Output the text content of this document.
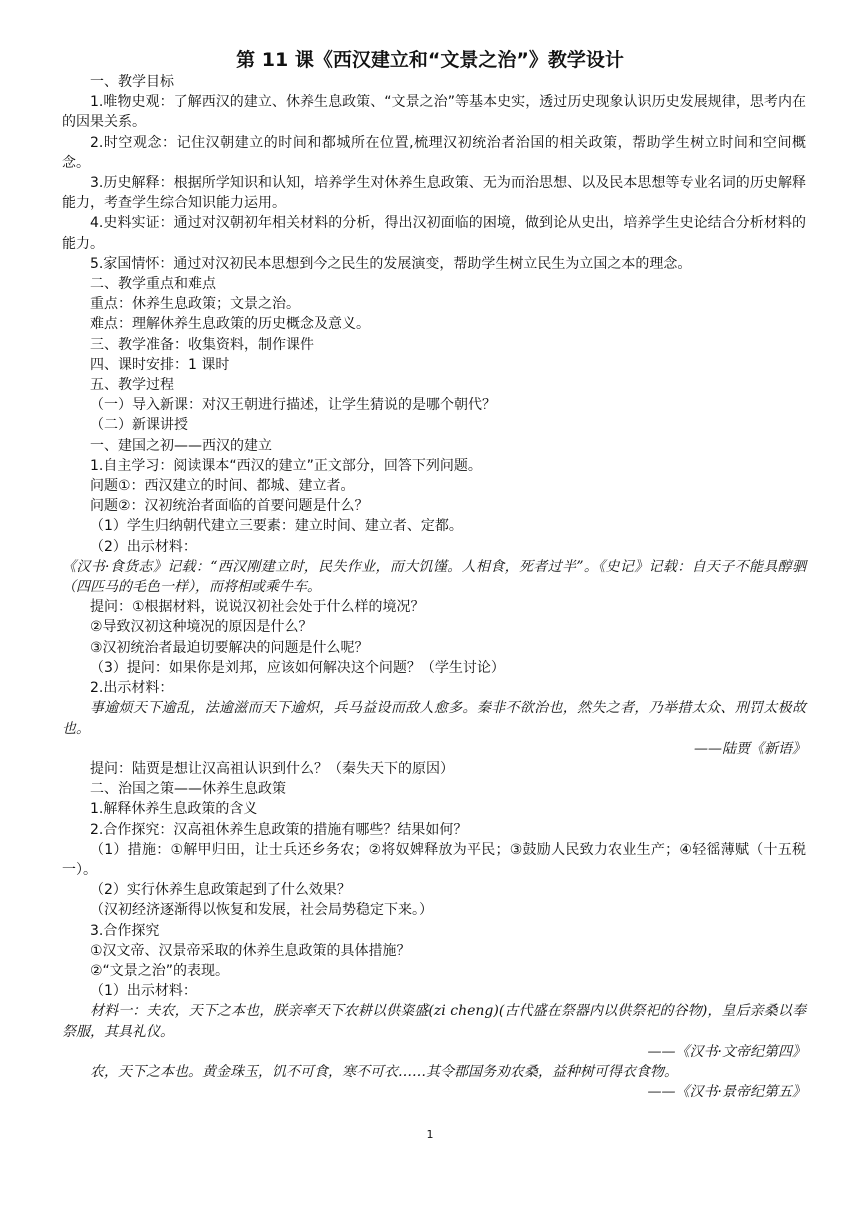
第 11 课《西汉建立和“文景之治”》教学设计

一、教学目标

1.唯物史观：了解西汉的建立、休养生息政策、“文景之治”等基本史实，透过历史现象认识历史发展规律，思考内在的因果关系。

2.时空观念：记住汉朝建立的时间和都城所在位置,梳理汉初统治者治国的相关政策，帮助学生树立时间和空间概念。

3.历史解释：根据所学知识和认知，培养学生对休养生息政策、无为而治思想、以及民本思想等专业名词的历史解释能力，考查学生综合知识能力运用。

4.史料实证：通过对汉朝初年相关材料的分析，得出汉初面临的困境，做到论从史出，培养学生史论结合分析材料的能力。

5.家国情怀：通过对汉初民本思想到今之民生的发展演变，帮助学生树立民生为立国之本的理念。

二、教学重点和难点

重点：休养生息政策；文景之治。

难点：理解休养生息政策的历史概念及意义。

三、教学准备：收集资料，制作课件

四、课时安排：1 课时

五、教学过程

（一）导入新课：对汉王朝进行描述，让学生猜说的是哪个朝代？

（二）新课讲授

一、建国之初——西汉的建立

1.自主学习：阅读课本“西汉的建立”正文部分，回答下列问题。

问题①：西汉建立的时间、都城、建立者。

问题②：汉初统治者面临的首要问题是什么？

（1）学生归纳朝代建立三要素：建立时间、建立者、定都。

（2）出示材料：

《汉书·食货志》记载：“西汉刚建立时，民失作业，而大饥馑。人相食，死者过半”。《史记》记载：自天子不能具醇驷（四匹马的毛色一样），而将相或乘牛车。

提问：①根据材料，说说汉初社会处于什么样的境况？

②导致汉初这种境况的原因是什么？

③汉初统治者最迫切要解决的问题是什么呢？

（3）提问：如果你是刘邦，应该如何解决这个问题？（学生讨论）

2.出示材料：

事逾烦天下逾乱，法逾滋而天下逾炽，兵马益设而敌人愈多。秦非不欲治也，然失之者，乃举措太众、刑罚太极故也。

——陆贾《新语》

提问：陆贾是想让汉高祖认识到什么？（秦失天下的原因）

二、治国之策——休养生息政策

1.解释休养生息政策的含义

2.合作探究：汉高祖休养生息政策的措施有哪些？结果如何？

（1）措施：①解甲归田，让士兵还乡务农；②将奴婢释放为平民；③鼓励人民致力农业生产；④轻徭薄赋（十五税一）。

（2）实行休养生息政策起到了什么效果？

（汉初经济逐渐得以恢复和发展，社会局势稳定下来。）

3.合作探究

①汉文帝、汉景帝采取的休养生息政策的具体措施？

②“文景之治”的表现。

（1）出示材料：

材料一：夫农，天下之本也，朕亲率天下农耕以供粢盛(zi cheng)(古代盛在祭器内以供祭祀的谷物)，皇后亲桑以奉祭服，其具礼仪。

——《汉书·文帝纪第四》

农，天下之本也。黄金珠玉，饥不可食，寒不可衣……其令郡国务劝农桑，益种树可得衣食物。

——《汉书·景帝纪第五》

1
